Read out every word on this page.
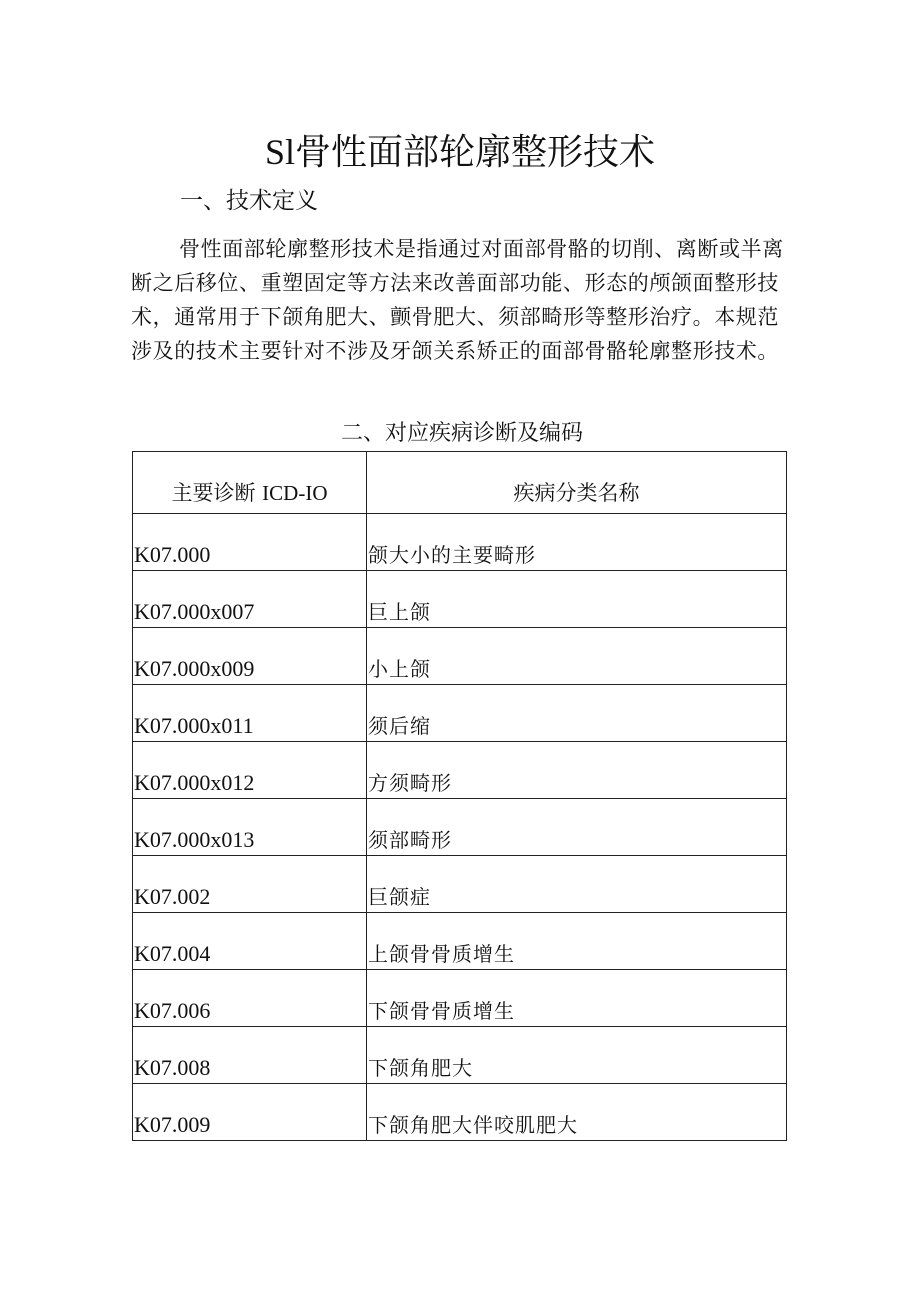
Sl骨性面部轮廓整形技术
一、技术定义

骨性面部轮廓整形技术是指通过对面部骨骼的切削、离断或半离断之后移位、重塑固定等方法来改善面部功能、形态的颅颌面整形技术，通常用于下颌角肥大、颤骨肥大、须部畸形等整形治疗。本规范涉及的技术主要针对不涉及牙颌关系矫正的面部骨骼轮廓整形技术。

二、对应疾病诊断及编码
主要诊断 ICD-IO	疾病分类名称
K07.000	颌大小的主要畸形
K07.000x007	巨上颌
K07.000x009	小上颌
K07.000x011	须后缩
K07.000x012	方须畸形
K07.000x013	须部畸形
K07.002	巨颌症
K07.004	上颌骨骨质增生
K07.006	下颌骨骨质增生
K07.008	下颌角肥大
K07.009	下颌角肥大伴咬肌肥大
